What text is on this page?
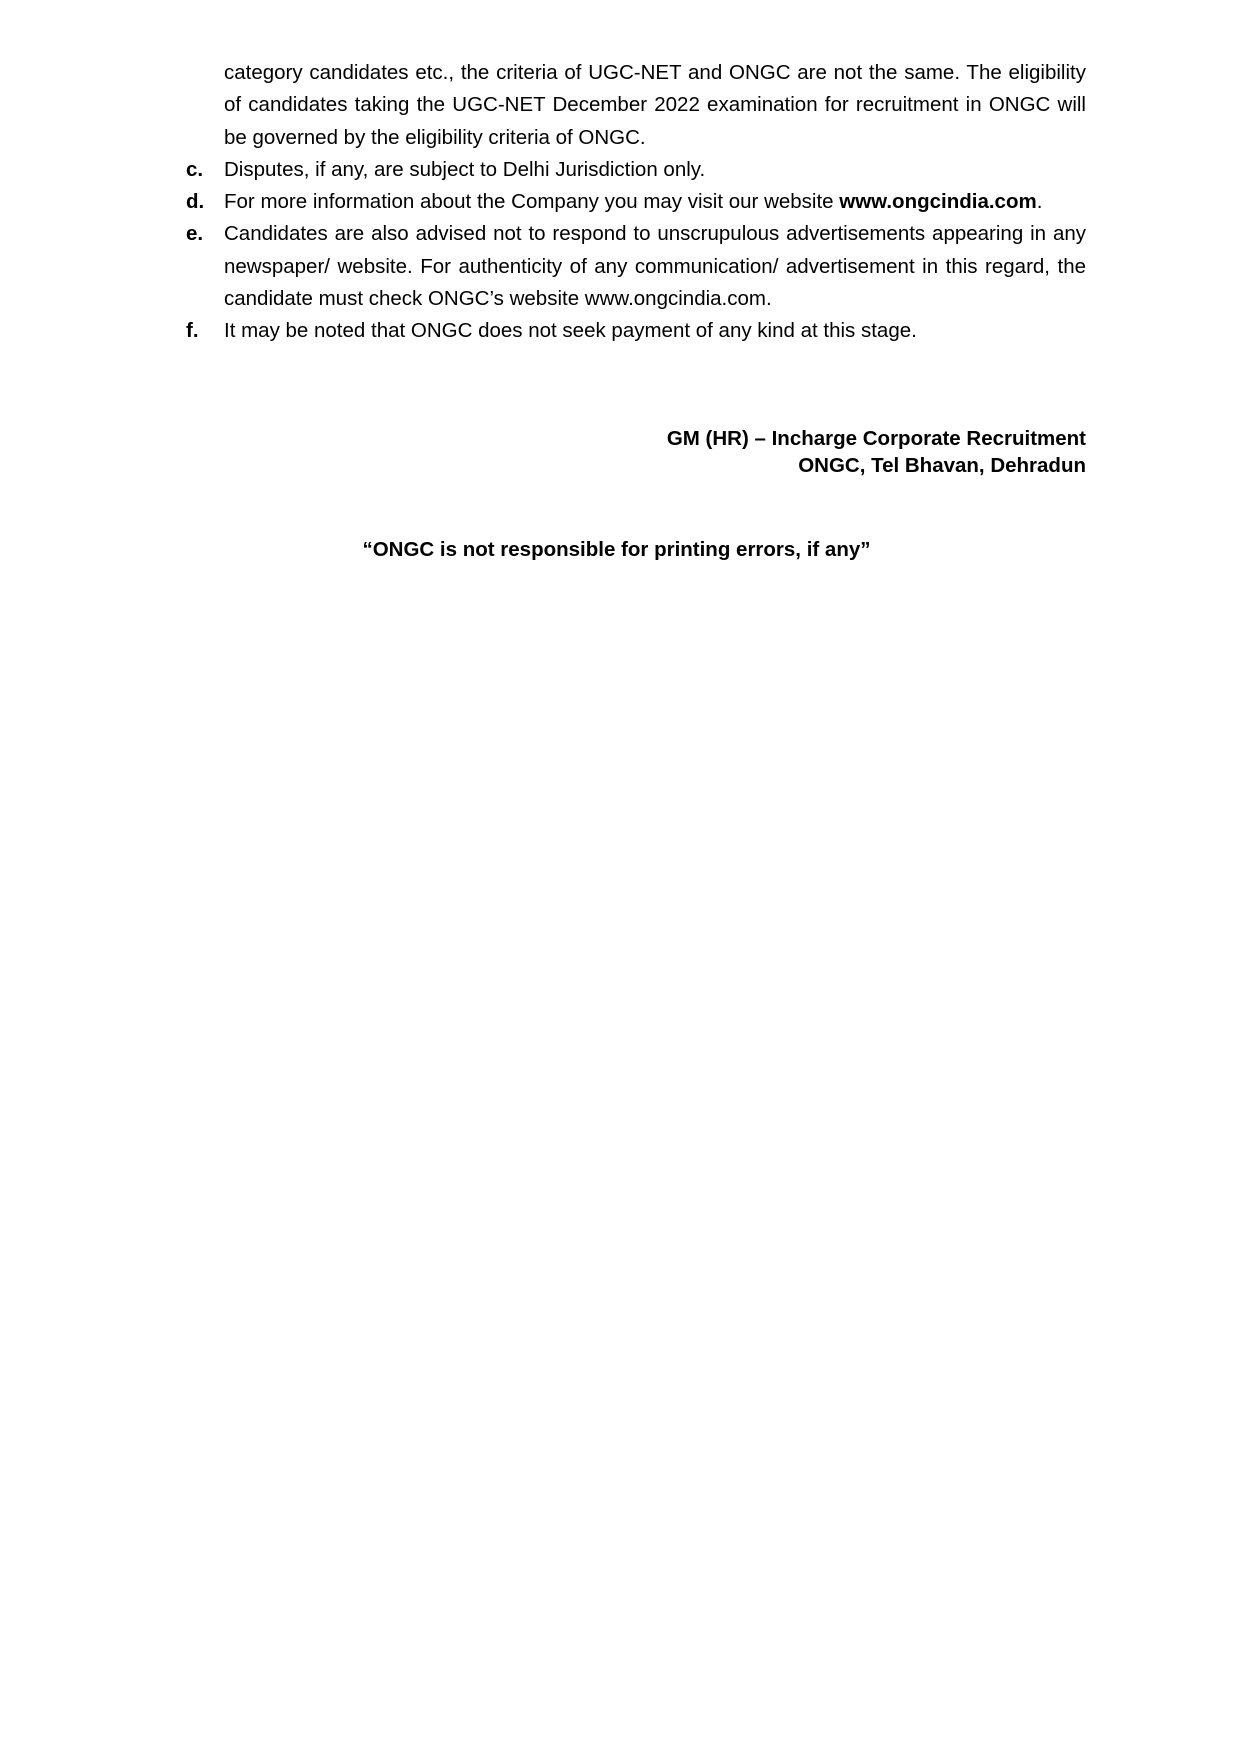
category candidates etc., the criteria of UGC-NET and ONGC are not the same. The eligibility of candidates taking the UGC-NET December 2022 examination for recruitment in ONGC will be governed by the eligibility criteria of ONGC.
c. Disputes, if any, are subject to Delhi Jurisdiction only.
d. For more information about the Company you may visit our website www.ongcindia.com.
e. Candidates are also advised not to respond to unscrupulous advertisements appearing in any newspaper/ website. For authenticity of any communication/ advertisement in this regard, the candidate must check ONGC’s website www.ongcindia.com.
f. It may be noted that ONGC does not seek payment of any kind at this stage.
GM (HR) – Incharge Corporate Recruitment
ONGC, Tel Bhavan, Dehradun
“ONGC is not responsible for printing errors, if any”
